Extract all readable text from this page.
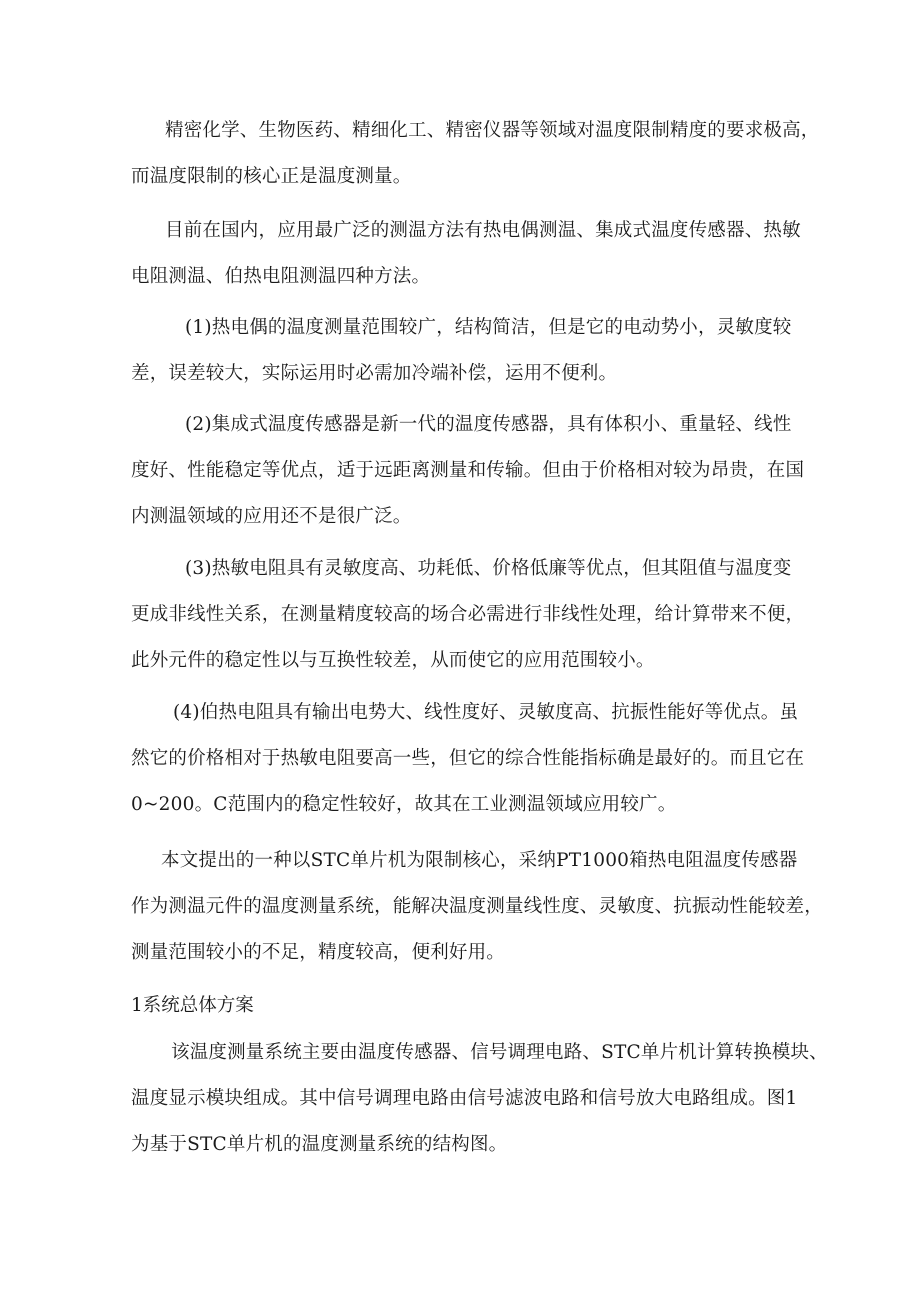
精密化学、生物医药、精细化工、精密仪器等领域对温度限制精度的要求极高，
而温度限制的核心正是温度测量。

目前在国内，应用最广泛的测温方法有热电偶测温、集成式温度传感器、热敏
电阻测温、伯热电阻测温四种方法。

(1)热电偶的温度测量范围较广，结构简洁，但是它的电动势小，灵敏度较
差，误差较大，实际运用时必需加冷端补偿，运用不便利。

(2)集成式温度传感器是新一代的温度传感器，具有体积小、重量轻、线性
度好、性能稳定等优点，适于远距离测量和传输。但由于价格相对较为昂贵，在国
内测温领域的应用还不是很广泛。

(3)热敏电阻具有灵敏度高、功耗低、价格低廉等优点，但其阻值与温度变
更成非线性关系，在测量精度较高的场合必需进行非线性处理，给计算带来不便，
此外元件的稳定性以与互换性较差，从而使它的应用范围较小。

(4)伯热电阻具有输出电势大、线性度好、灵敏度高、抗振性能好等优点。虽
然它的价格相对于热敏电阻要高一些，但它的综合性能指标确是最好的。而且它在
0~200。C范围内的稳定性较好，故其在工业测温领域应用较广。

本文提出的一种以STC单片机为限制核心，采纳PT1000箱热电阻温度传感器
作为测温元件的温度测量系统，能解决温度测量线性度、灵敏度、抗振动性能较差，
测量范围较小的不足，精度较高，便利好用。

1系统总体方案

该温度测量系统主要由温度传感器、信号调理电路、STC单片机计算转换模块、
温度显示模块组成。其中信号调理电路由信号滤波电路和信号放大电路组成。图1
为基于STC单片机的温度测量系统的结构图。
